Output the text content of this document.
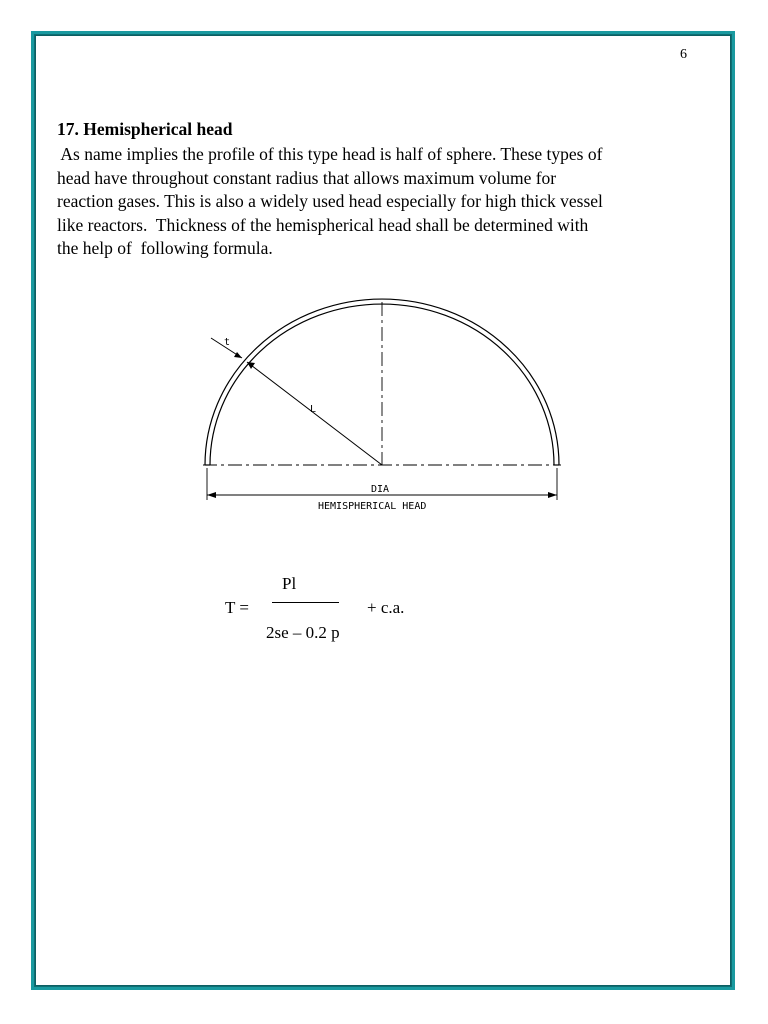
6
17. Hemispherical head

As name implies the profile of this type head is half of sphere. These types of
head have throughout constant radius that allows maximum volume for
reaction gases. This is also a widely used head especially for high thick vessel
like reactors.  Thickness of the hemispherical head shall be determined with
the help of  following formula.

t
L
DIA
HEMISPHERICAL HEAD
T =
Pl
2se – 0.2 p
+ c.a.
